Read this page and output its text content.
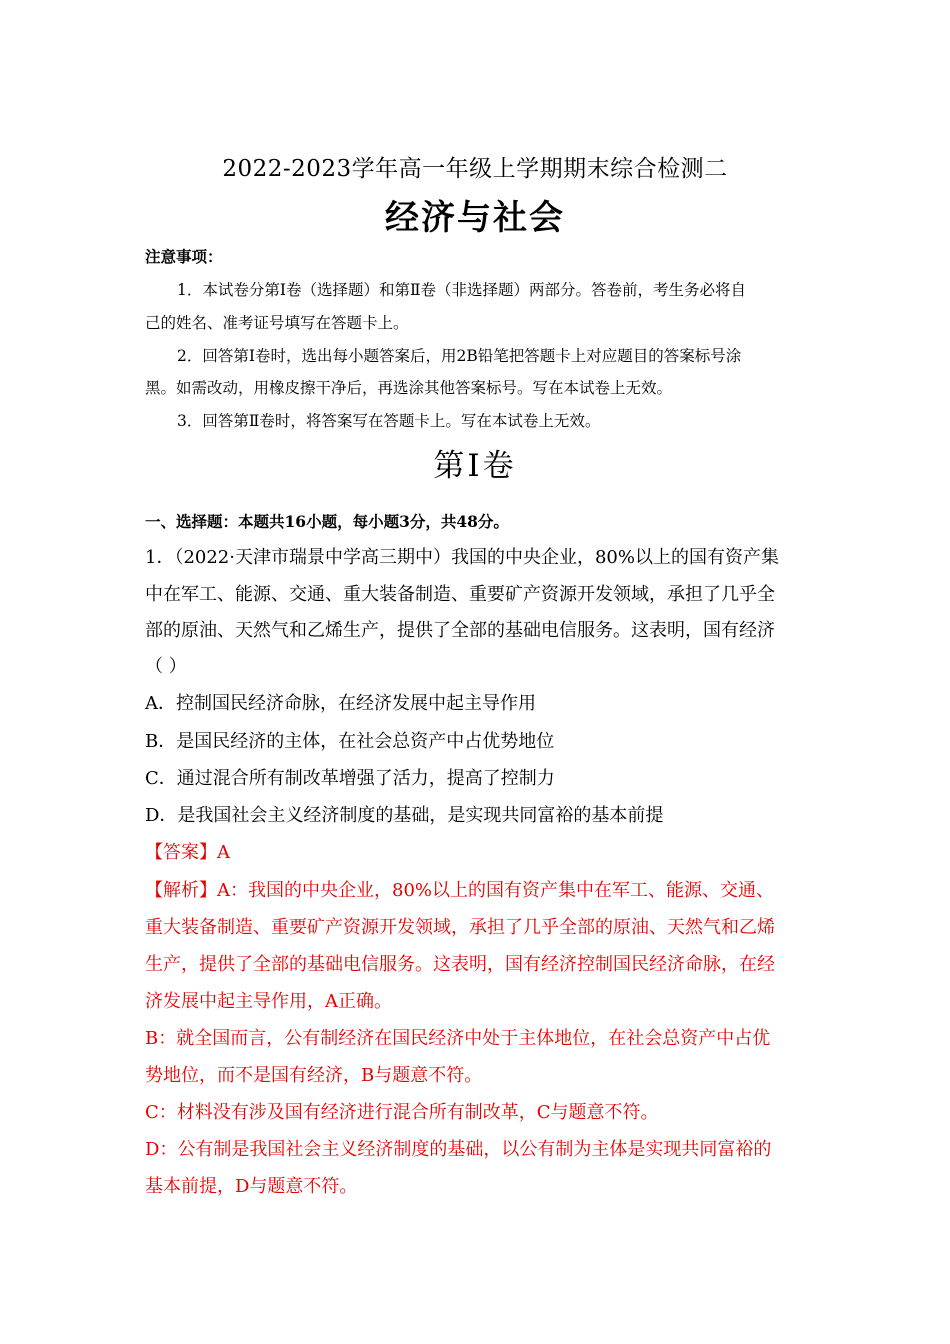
2022-2023学年高一年级上学期期末综合检测二
经济与社会
注意事项：
1．本试卷分第Ⅰ卷（选择题）和第Ⅱ卷（非选择题）两部分。答卷前，考生务必将自
己的姓名、准考证号填写在答题卡上。
2．回答第Ⅰ卷时，选出每小题答案后，用2B铅笔把答题卡上对应题目的答案标号涂
黑。如需改动，用橡皮擦干净后，再选涂其他答案标号。写在本试卷上无效。
3．回答第Ⅱ卷时，将答案写在答题卡上。写在本试卷上无效。
第Ⅰ卷
一、选择题：本题共16小题，每小题3分，共48分。
1．（2022·天津市瑞景中学高三期中）我国的中央企业，80%以上的国有资产集
中在军工、能源、交通、重大装备制造、重要矿产资源开发领域，承担了几乎全
部的原油、天然气和乙烯生产，提供了全部的基础电信服务。这表明，国有经济
（ ）
A．控制国民经济命脉，在经济发展中起主导作用
B．是国民经济的主体，在社会总资产中占优势地位
C．通过混合所有制改革增强了活力，提高了控制力
D．是我国社会主义经济制度的基础，是实现共同富裕的基本前提
【答案】A
【解析】A：我国的中央企业，80%以上的国有资产集中在军工、能源、交通、
重大装备制造、重要矿产资源开发领域，承担了几乎全部的原油、天然气和乙烯
生产，提供了全部的基础电信服务。这表明，国有经济控制国民经济命脉，在经
济发展中起主导作用，A正确。
B：就全国而言，公有制经济在国民经济中处于主体地位，在社会总资产中占优
势地位，而不是国有经济，B与题意不符。
C：材料没有涉及国有经济进行混合所有制改革，C与题意不符。
D：公有制是我国社会主义经济制度的基础，以公有制为主体是实现共同富裕的
基本前提，D与题意不符。
